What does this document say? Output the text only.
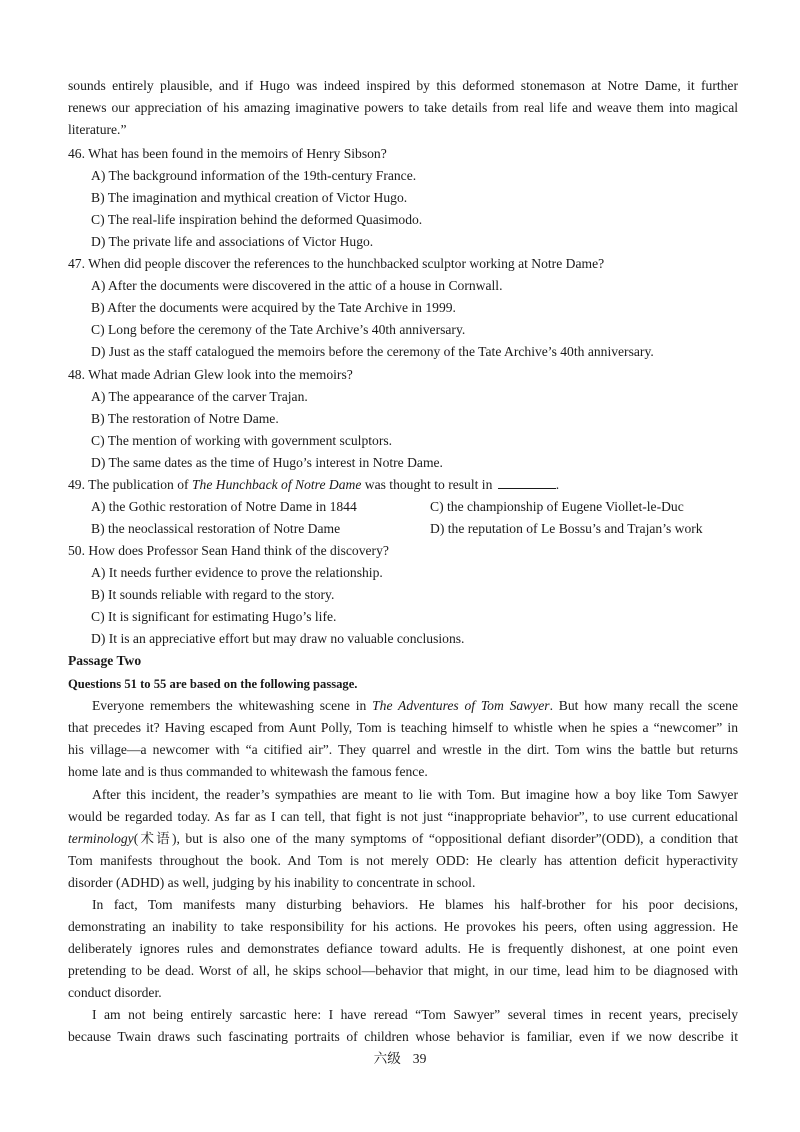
sounds entirely plausible, and if Hugo was indeed inspired by this deformed stonemason at Notre Dame, it further
renews our appreciation of his amazing imaginative powers to take details from real life and weave them into magical
literature.”
46. What has been found in the memoirs of Henry Sibson?
A) The background information of the 19th-century France.
B) The imagination and mythical creation of Victor Hugo.
C) The real-life inspiration behind the deformed Quasimodo.
D) The private life and associations of Victor Hugo.
47. When did people discover the references to the hunchbacked sculptor working at Notre Dame?
A) After the documents were discovered in the attic of a house in Cornwall.
B) After the documents were acquired by the Tate Archive in 1999.
C) Long before the ceremony of the Tate Archive’s 40th anniversary.
D) Just as the staff catalogued the memoirs before the ceremony of the Tate Archive’s 40th anniversary.
48. What made Adrian Glew look into the memoirs?
A) The appearance of the carver Trajan.
B) The restoration of Notre Dame.
C) The mention of working with government sculptors.
D) The same dates as the time of Hugo’s interest in Notre Dame.
49. The publication of The Hunchback of Notre Dame was thought to result in	.
A) the Gothic restoration of Notre Dame in 1844	C) the championship of Eugene Viollet-le-Duc
B) the neoclassical restoration of Notre Dame	D) the reputation of Le Bossu’s and Trajan’s work
50. How does Professor Sean Hand think of the discovery?
A) It needs further evidence to prove the relationship.
B) It sounds reliable with regard to the story.
C) It is significant for estimating Hugo’s life.
D) It is an appreciative effort but may draw no valuable conclusions.
Passage Two
Questions 51 to 55 are based on the following passage.
Everyone remembers the whitewashing scene in The Adventures of Tom Sawyer. But how many recall the scene
that precedes it? Having escaped from Aunt Polly, Tom is teaching himself to whistle when he spies a “newcomer” in
his village—a newcomer with “a citified air”. They quarrel and wrestle in the dirt. Tom wins the battle but returns
home late and is thus commanded to whitewash the famous fence.
After this incident, the reader’s sympathies are meant to lie with Tom. But imagine how a boy like Tom Sawyer
would be regarded today. As far as I can tell, that fight is not just “inappropriate behavior”, to use current educational
terminology(术语), but is also one of the many symptoms of “oppositional defiant disorder”(ODD), a condition that
Tom manifests throughout the book. And Tom is not merely ODD: He clearly has attention deficit hyperactivity
disorder (ADHD) as well, judging by his inability to concentrate in school.
In fact, Tom manifests many disturbing behaviors. He blames his half-brother for his poor decisions,
demonstrating an inability to take responsibility for his actions. He provokes his peers, often using aggression. He
deliberately ignores rules and demonstrates defiance toward adults. He is frequently dishonest, at one point even
pretending to be dead. Worst of all, he skips school—behavior that might, in our time, lead him to be diagnosed with
conduct disorder.
I am not being entirely sarcastic here: I have reread “Tom Sawyer” several times in recent years, precisely
because Twain draws such fascinating portraits of children whose behavior is familiar, even if we now describe it
六级 39
